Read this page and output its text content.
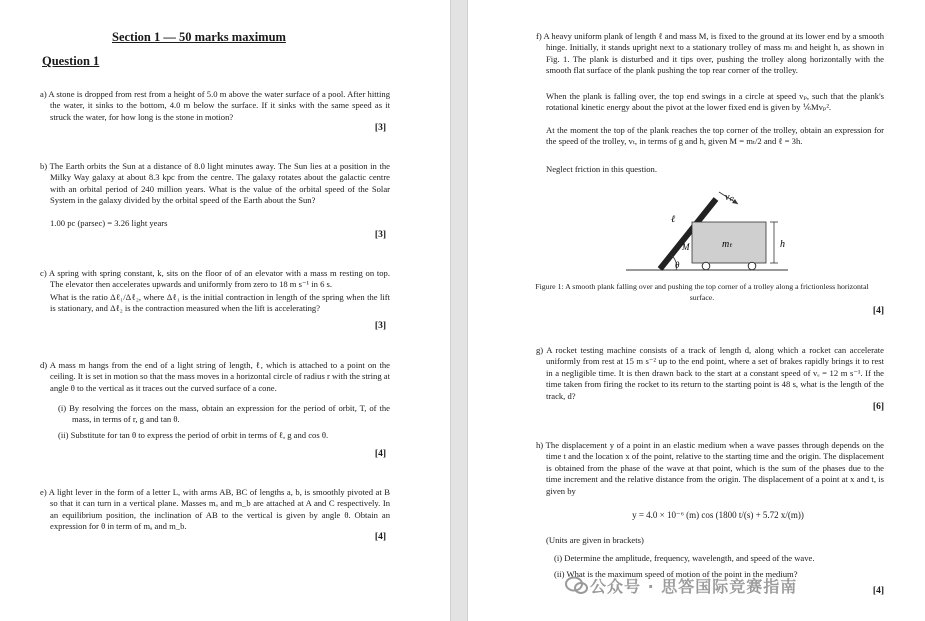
Section 1 — 50 marks maximum
Question 1
a) A stone is dropped from rest from a height of 5.0 m above the water surface of a pool. After hitting the water, it sinks to the bottom, 4.0 m below the surface. If it sinks with the same speed as it struck the water, for how long is the stone in motion?
[3]
b) The Earth orbits the Sun at a distance of 8.0 light minutes away. The Sun lies at a position in the Milky Way galaxy at about 8.3 kpc from the centre. The galaxy rotates about the galactic centre with an orbital period of 240 million years. What is the value of the orbital speed of the Solar System in the galaxy divided by the orbital speed of the Earth about the Sun?
1.00 pc (parsec) = 3.26 light years
[3]
c) A spring with spring constant, k, sits on the floor of of an elevator with a mass m resting on top. The elevator then accelerates upwards and uniformly from zero to 18 m s⁻¹ in 6 s.
What is the ratio Δℓ₁/Δℓ₂, where Δℓ₁ is the initial contraction in length of the spring when the lift is stationary, and Δℓ₂ is the contraction measured when the lift is accelerating?
[3]
d) A mass m hangs from the end of a light string of length, ℓ, which is attached to a point on the ceiling. It is set in motion so that the mass moves in a horizontal circle of radius r with the string at angle θ to the vertical as it traces out the curved surface of a cone.
(i) By resolving the forces on the mass, obtain an expression for the period of orbit, T, of the mass, in terms of r, g and tan θ.
(ii) Substitute for tan θ to express the period of orbit in terms of ℓ, g and cos θ.
[4]
e) A light lever in the form of a letter L, with arms AB, BC of lengths a, b, is smoothly pivoted at B so that it can turn in a vertical plane. Masses mₐ and m_b are attached at A and C respectively. In an equilibrium position, the inclination of AB to the vertical is given by angle θ. Obtain an expression for θ in term of mₐ and m_b.
[4]
f) A heavy uniform plank of length ℓ and mass M, is fixed to the ground at its lower end by a smooth hinge. Initially, it stands upright next to a stationary trolley of mass mₜ and height h, as shown in Fig. 1. The plank is disturbed and it tips over, pushing the trolley along horizontally with the smooth flat surface of the plank pushing the top rear corner of the trolley.
When the plank is falling over, the top end swings in a circle at speed vₚ, such that the plank's rotational kinetic energy about the pivot at the lower fixed end is given by ⅙Mvₚ².
At the moment the top of the plank reaches the top corner of the trolley, obtain an expression for the speed of the trolley, vₜ, in terms of g and h, given M = mₜ/2 and ℓ = 3h.
Neglect friction in this question.
vₚ
ℓ
M	mₜ	h
θ
Figure 1: A smooth plank falling over and pushing the top corner of a trolley along a frictionless horizontal surface.
[4]
g) A rocket testing machine consists of a track of length d, along which a rocket can accelerate uniformly from rest at 15 m s⁻² up to the end point, where a set of brakes rapidly brings it to rest in a negligible time. It is then drawn back to the start at a constant speed of vₑ = 12 m s⁻¹. If the time taken from firing the rocket to its return to the starting point is 48 s, what is the length of the track, d?
[6]
h) The displacement y of a point in an elastic medium when a wave passes through depends on the time t and the location x of the point, relative to the starting time and the origin. The displacement is obtained from the phase of the wave at that point, which is the sum of the phases due to the time increment and the relative distance from the origin. The displacement of a point at x and t, is given by
y = 4.0 × 10⁻⁶ (m) cos (1800 t/(s) + 5.72 x/(m))
(Units are given in brackets)
(i) Determine the amplitude, frequency, wavelength, and speed of the wave.
(ii) What is the maximum speed of motion of the point in the medium?
[4]
公众号 · 思答国际竞赛指南
